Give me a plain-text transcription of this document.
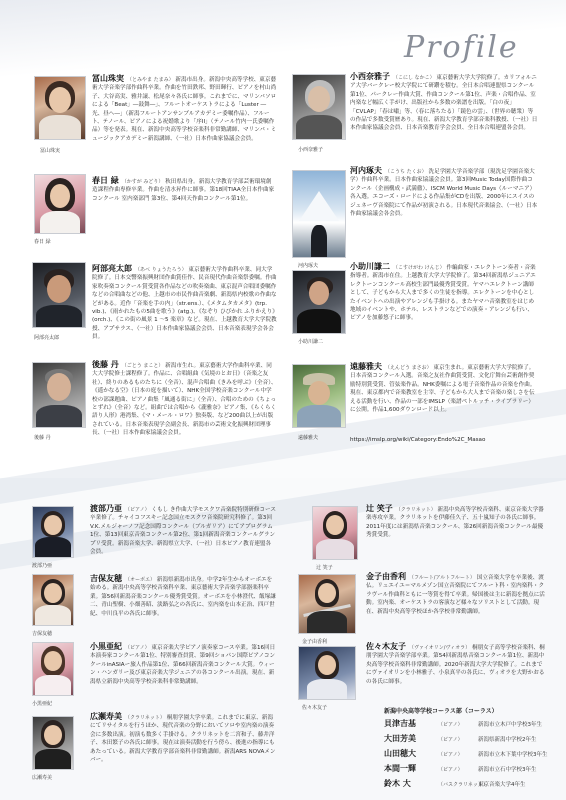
Profile
冨山珠実
冨山珠実 （とみやま たまみ） 新潟市出身。新潟中央高等学校、東京藝術大学音楽学部作曲科卒業。作曲を竹田鉄邦、野田暉行、ピアノを村山尚子、大谷高実、雅井譲、松尾奈々各氏に師事。これまでに、マリンバソロによる「Beat」―鼓舞―」、フルートオーケストラによる「Luster ―光、昼へ―」（新潟フルートアンサンブルアカデミー委嘱作品）、フルート、テノール、ピアノによる祝婚歌より「序II」（テノール竹内一氏委嘱作品）等を発表。現在、新潟中央高等学校音楽科非常勤講師、マリンバ・ミュージックアカデミー新潟講師、（一社）日本作曲家協議会会員。
春日 緑
春日 緑 （かすが みどり） 秋田県出身。新潟大学教育学部芸術環境創造課程作曲専修卒業。作曲を清水昇作に師事。第18回TIAA全日本作曲家コンクール 室内楽部門 第3位、第4回天作曲コンクール第1位。
阿部亮太郎
阿部亮太郎 （あべ りょうたろう） 東京藝術大学作曲科卒業、同大学院修了。日本交響楽振興財団作曲賞佳作、民音現代作曲音楽祭委嘱。作曲家吹奏楽コンクール賞受賞各作品などの吹奏楽曲、東京混声合唱団委嘱作などの合唱曲などの他、上越市の市民作曲音楽劇、新潟県内校歌の作曲などがある。近作「音楽を手の内」（str.ens.）、《メタムタカメタ》(trp. vib.)、《雨かれたもの5曲を歌う》(atg.)、《なぞり ひびかれ ふりかえり》(orch.)、《この街の風景 1 ～5 楽章》など。現在、上越教育大学大学院教授、アプサラス、（一社）日本作曲家協議会会員、日本音楽表現学会各会員。
後藤 丹
後藤 丹 （ごとう まこと） 新潟市生れ。東京藝術大学作曲科卒業、同大大学院修士課程修了。作品に、合唱組曲《気境のとお日》（音楽之友社）、終りのあるものたちに（全音）、混声合唱曲《きみを呼ぶ》（全音）、《遥かなる空》（日本の庭を描いて）、NHK全国学校音楽コンクール中学校の部課題曲、ピアノ曲集「風通る街に」（全音）、合唱のための《ちょっとずれ》（全音）など。組曲では合唱から《瀧雅奈》ピアノ集、《らくらく語り人形》港湾集、《マ・メール・ロワ》独奏版、など200曲以上が出版されている。日本音楽表現学会副会長、新潟市の芸術文化振興財団理事長、（一社）日本作曲家協議会会員。
小西奈雅子
小西奈雅子 （こにし なかこ） 東京藝術大学大学院修了。カリフォルニア大学バークレー校大学院にて研鑽を積む。全日本合唱連盟県コンクール第1位、パークレー作曲大賞、作曲コンクール第1位、声楽・合唱作品、室内楽など幅広く手がけ、出版社から多数の楽譜を出版。「白の夜」「CVLAP」「春は嘯」等、（春に落ちたる）「鏡色の雲」、（世界の聴衆）等の作品で多数受賞歴あり。現在、新潟大学教育学部音楽科教授、（一社）日本作曲家協議会会員、日本音楽教育学会会員、全日本合唱連盟各会員。
河内琢夫
河内琢夫 （こうち たくお） 洗足学園大学音楽学部（現洗足学園音楽大学）作曲科卒業。日本作曲家協議会会員。第3回Music Today国際作曲コンクール（企画構成・武満徹）、ISCM World Music Days（ルーマニア）各入選。エコーズ・ロードによる作品集がCDを出版、2000年にスイスのジュネーヴ音楽院にて作品が初演される。日本現代音楽協会、（一社）日本作曲家協議会各会員。
小助川謙二
小助川謙二 （こすけがわ けんじ） 作編曲家・エレクトーン奏者・音楽指導者。新潟市在住。上越教育大学大学院修了。第34回新潟県ジュニアエレクトーンコンクール高校生部門最優秀賞受賞。ヤマハエレクトーン講師として、子どもから大人まで多くの生徒を指導。エレクトーンを中心としたイベントへの出演やアレンジも手掛ける。またヤマハ音楽教室をはじめ地域のイベントや、ホテル、レストランなどでの演奏・アレンジも行い、ピアノを加藤悠子に師事。
遠藤雅夫
遠藤雅夫 （えんどう まさお） 東京生まれ。東京藝術大学大学院修了。日本音楽コンクール入選。音楽之友社作曲賞受賞、文化庁舞台芸術創作奨励特別賞受賞、管弦楽作品。NHK委嘱による電子音楽作品の音楽を作曲。現在、東京都内で音楽教室を主宰、子どもから大人まで音楽の楽しさを伝える活動を行い、作品の一部をIMSLP（楽譜ペトルッチ・ライブラリー）に公開。作品1,600ダウンロード以上。
https://imslp.org/wiki/Category:Endo%2C_Masao
渡部乃亜
渡部乃亜 （ピアノ） くもし き作曲大学モスクワ音楽院特別研修コース卒業修了。チャイコフスキー記念国立モスクワ音楽院研究科修了。第3回V.K.メルジャーノフ記念国際コンクール（ブルガリア）にてアプログラム1位、第13回東京音楽コンクール第2位、第1回新潟音楽コンクールグランプリ受賞。新潟音楽大学、新潟県立大学、（一社）日本ピアノ教育連盟各会員。
吉保友穂
吉保友穂 （オーボエ） 新潟県新潟市出身。中学2年生からオーボエを始める。新潟中央高等学校音楽科卒業、東京藝術大学音楽学部器楽科卒業。第56回新潟音楽コンクール優秀賞受賞。オーボエを小林澄代、飯塚謙二、青山聖樹、小畑善昭、淡路弘之の各氏に、室内楽を山本正治、四戸世紀、中川良平の各氏に師事。
小黒亜紀
小黒亜紀 （ピアノ） 東京音楽大学ピアノ演奏家コース卒業。第16回日本演奏家コンクール第1位、特別審査員賞、第9回ショパン国際ピアノコンクールinASIAー旅人作品第1位、第66回新潟音楽コンクール大賞。ウィーン・ハンガリー及び東京音楽大学ジュニアの各コンクール出演。現在、新潟県立新潟中央高等学校音楽科非常勤講師。
広瀬寿美
広瀬寿美 （クラリネット） 桐朋学園大学卒業。これまでに東京、新潟にてリサイタルを行うほか、現代音楽の分野においてソロや室内楽の演奏会に多数出演。初演も数多く手掛ける。クラリネットを二宮和子、藤井洋子、本田繁子の各氏に師事。現在は演奏活動を行う傍ら、後進の指導にもあたっている。新潟大学教育学部音楽科非常勤講師。新潟ARS NOVAメンバー。
辻 笑子
辻 笑子 （クラリネット） 新潟中央高等学校音楽科、東京音楽大学器楽専攻卒業。クラリネットを伊藤佳久子、五十嵐知子の各氏に師事。2011年度には新潟県音楽コンクール、第26回新潟音楽コンクール最優秀賞受賞。
金子由香利
金子由香利 （フルート/アルトフルート） 国立音楽大学を卒業後、渡仏。リュエイユ＝マルメゾン国立音楽院にてフルート科・室内楽科・クラヴール作曲科ともに一等賞を得て卒業。帰国後は主に新潟を拠点に活動。室内楽、オーケストラの客演など様々なソリストとして活動。現在、新潟中央高等学校ほか各学校非常勤講師。
佐々木友子
佐々木友子 （ヴァイオリン/ヴィオラ） 桐朋女子高等学校音楽科、桐朋学園大学音楽学部卒業。第54回新潟県音楽コンクール第1位、新潟中央高等学校音楽科非常勤講師。2020年新潟大学大学院修了。これまでにヴァイオリンを小林雅子、小泉真平の各氏に、ヴィオラを大野かおるの各氏に師事。
新潟中央高等学校コーラス部（コーラス）
貝津吉基	（ピアノ）	新潟市立木戸中学校3年生
大田芳美	（ピアノ）	新潟県新潟中学校2年生
山田穂大	（ピアノ）	新潟市立木下葉中学校3年生
本間一輝	（ピアノ）	新潟市立石中学校3年生
鈴木 大	（バスクラリネット）東京音楽大学4年生
